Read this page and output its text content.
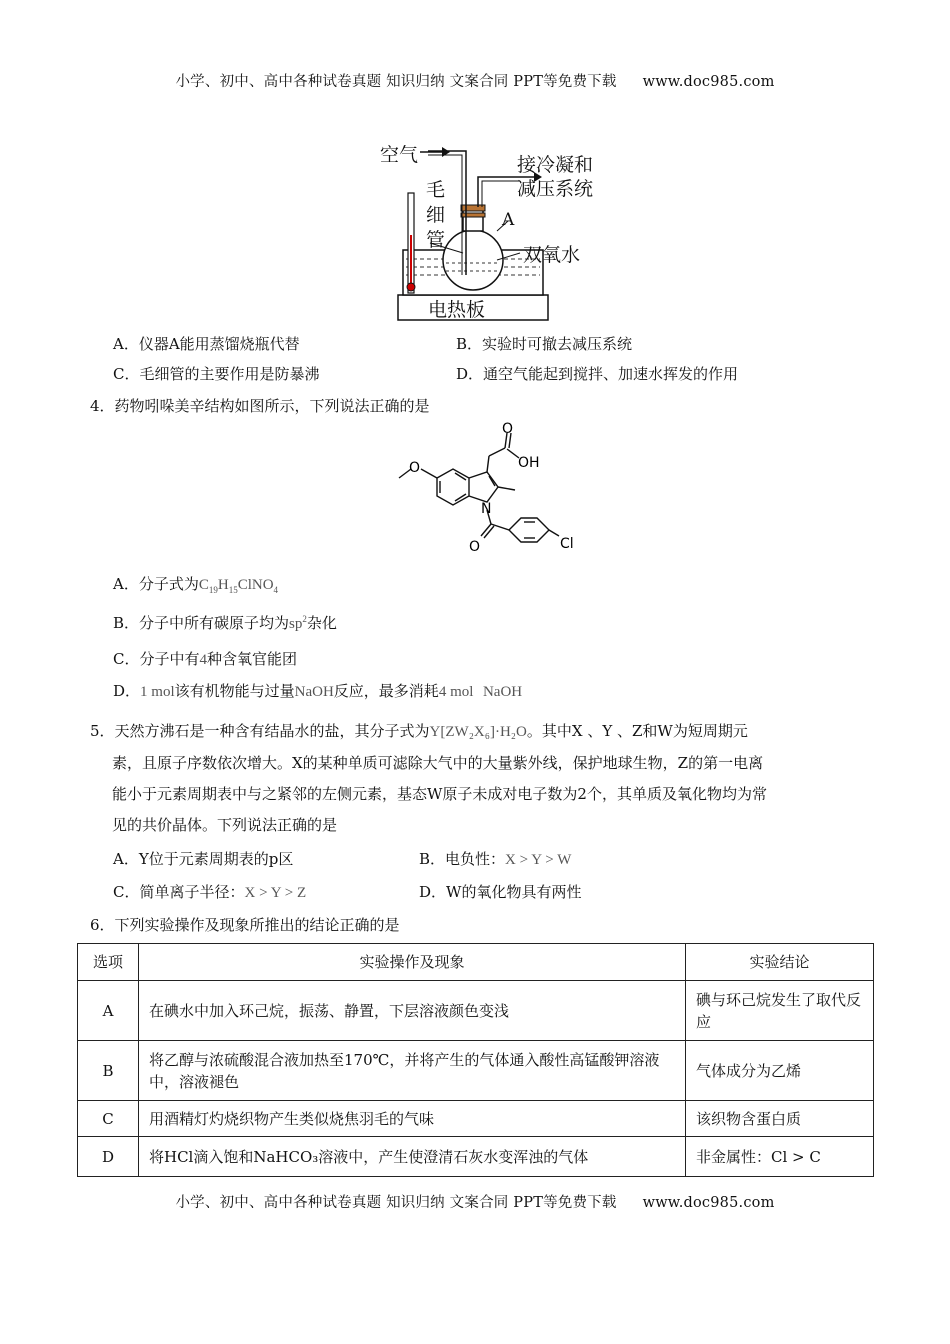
小学、初中、高中各种试卷真题 知识归纳 文案合同 PPT等免费下载 www.doc985.com
空气
毛
细
管
接冷凝和
减压系统
A
双氧水
电热板
A．仪器A能用蒸馏烧瓶代替	B．实验时可撤去减压系统
C．毛细管的主要作用是防暴沸	D．通空气能起到搅拌、加速水挥发的作用
4．药物吲哚美辛结构如图所示，下列说法正确的是
O
O
OH
N
O	Cl
A．分子式为$C_{19}H_{15}ClNO_4$
B．分子中所有碳原子均为$sp^2$杂化
C．分子中有4种含氧官能团
D．1 mol该有机物能与过量NaOH反应，最多消耗4 mol NaOH
5．天然方沸石是一种含有结晶水的盐，其分子式为Y[ZW₂X₆]·H₂O。其中X 、Y 、Z和W为短周期元
素，且原子序数依次增大。X的某种单质可滤除大气中的大量紫外线，保护地球生物，Z的第一电离
能小于元素周期表中与之紧邻的左侧元素，基态W原子未成对电子数为2个，其单质及氧化物均为常
见的共价晶体。下列说法正确的是
A．Y位于元素周期表的p区	B．电负性：X > Y > W
C．简单离子半径：X > Y > Z	D．W的氧化物具有两性
6．下列实验操作及现象所推出的结论正确的是
选项	实验操作及现象	实验结论
A	在碘水中加入环己烷，振荡、静置，下层溶液颜色变浅	碘与环己烷发生了取代反应
B	将乙醇与浓硫酸混合液加热至170℃，并将产生的气体通入酸性高锰酸钾溶液中，溶液褪色	气体成分为乙烯
C	用酒精灯灼烧织物产生类似烧焦羽毛的气味	该织物含蛋白质
D	将HCl滴入饱和NaHCO₃溶液中，产生使澄清石灰水变浑浊的气体	非金属性：Cl > C
小学、初中、高中各种试卷真题 知识归纳 文案合同 PPT等免费下载 www.doc985.com
